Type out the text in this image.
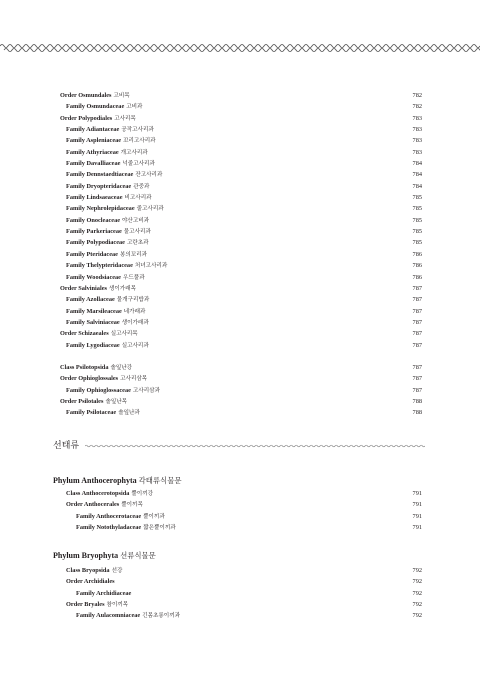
Order Osmundales 고비목	782
Family Osmundaceae 고비과	782
Order Polypodiales 고사리목	783
Family Adiantaceae 공작고사리과	783
Family Aspleniaceae 꼬리고사리과	783
Family Athyriaceae 개고사리과	783
Family Davalliaceae 넉줄고사리과	784
Family Dennstaedtiaceae 잔고사리과	784
Family Dryopteridaceae 관중과	784
Family Lindsaeaceae 비고사리과	785
Family Nephrolepidaceae 줄고사리과	785
Family Onocleaceae 야산고비과	785
Family Parkeriaceae 물고사리과	785
Family Polypodiaceae 고란초과	785
Family Pteridaceae 봉의꼬리과	786
Family Thelypteridaceae 처녀고사리과	786
Family Woodsiaceae 우드풀과	786
Order Salviniales 생이가래목	787
Family Azollaceae 물개구리밥과	787
Family Marsileaceae 네가래과	787
Family Salviniaceae 생이가래과	787
Order Schizaeales 실고사리목	787
Family Lygodiaceae 실고사리과	787
Class Psilotopsida 솔잎난강	787
Order Ophioglossales 고사리삼목	787
Family Ophioglossaceae 고사리삼과	787
Order Psilotales 솔잎난목	788
Family Psilotaceae 솔잎난과	788
선태류
Phylum Anthocerophyta 각태류식물문
Class Anthocerotopsida 뿔이끼강	791
Order Anthocerales 뿔이끼목	791
Family Anthocerotaceae 뿔이끼과	791
Family Notothyladaceae 짧은뿔이끼과	791
Phylum Bryophyta 선류식물문
Class Bryopsida 선강	792
Order Archidiales	792
Family Archidiaceae	792
Order Bryales 참이끼목	792
Family Aulacomniaceae 긴몸초롱이끼과	792
